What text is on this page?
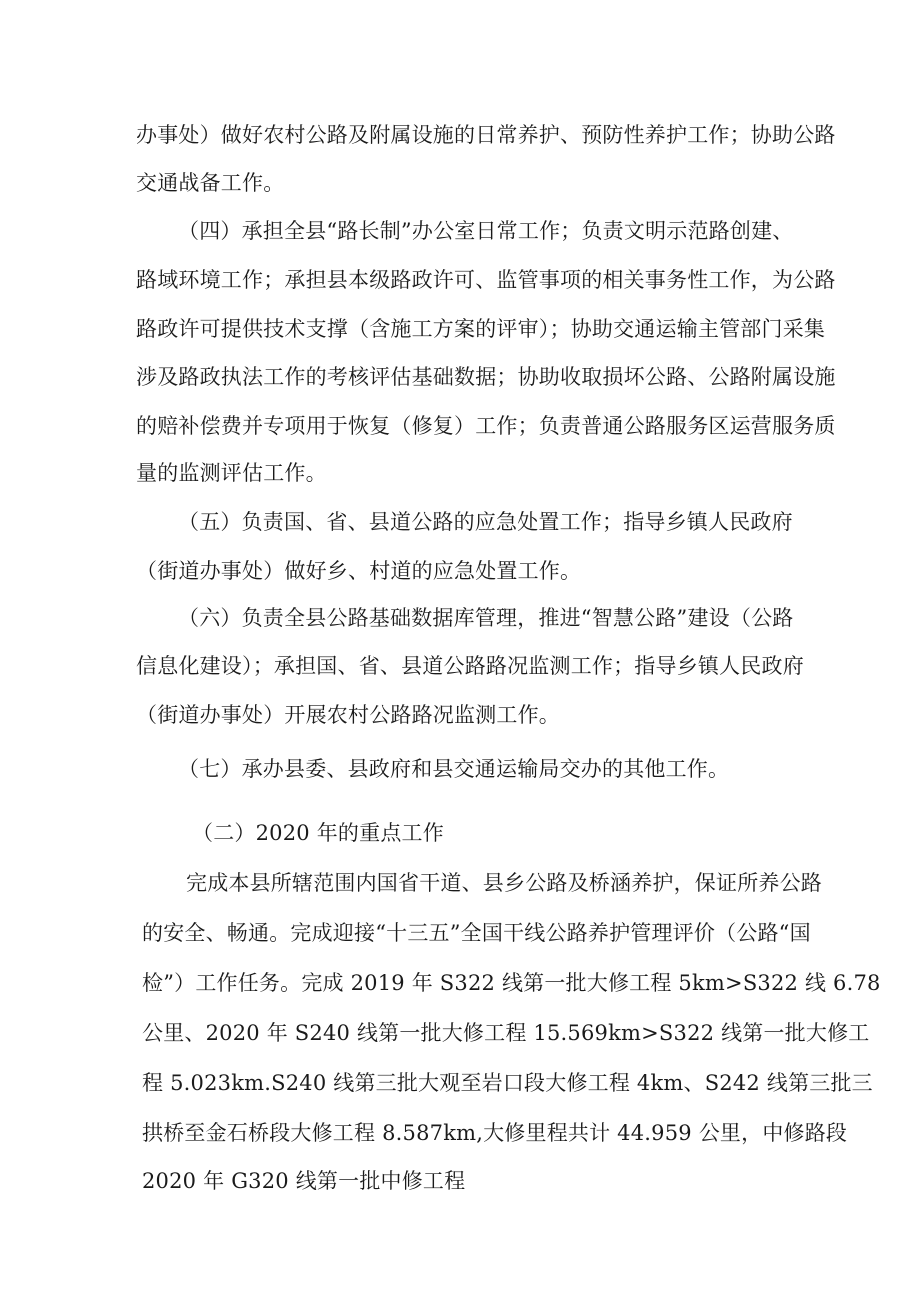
办事处）做好农村公路及附属设施的日常养护、预防性养护工作；协助公路
交通战备工作。
（四）承担全县“路长制”办公室日常工作；负责文明示范路创建、
路域环境工作；承担县本级路政许可、监管事项的相关事务性工作，为公路
路政许可提供技术支撑（含施工方案的评审）；协助交通运输主管部门采集
涉及路政执法工作的考核评估基础数据；协助收取损坏公路、公路附属设施
的赔补偿费并专项用于恢复（修复）工作；负责普通公路服务区运营服务质
量的监测评估工作。
（五）负责国、省、县道公路的应急处置工作；指导乡镇人民政府
（街道办事处）做好乡、村道的应急处置工作。
（六）负责全县公路基础数据库管理，推进“智慧公路”建设（公路
信息化建设）；承担国、省、县道公路路况监测工作；指导乡镇人民政府
（街道办事处）开展农村公路路况监测工作。
（七）承办县委、县政府和县交通运输局交办的其他工作。
（二）2020 年的重点工作
完成本县所辖范围内国省干道、县乡公路及桥涵养护，保证所养公路
的安全、畅通。完成迎接“十三五”全国干线公路养护管理评价（公路“国
检”）工作任务。完成 2019 年 S322 线第一批大修工程 5km>S322 线 6.78
公里、2020 年 S240 线第一批大修工程 15.569km>S322 线第一批大修工
程 5.023km.S240 线第三批大观至岩口段大修工程 4km、S242 线第三批三
拱桥至金石桥段大修工程 8.587km,大修里程共计 44.959 公里，中修路段
2020 年 G320 线第一批中修工程
